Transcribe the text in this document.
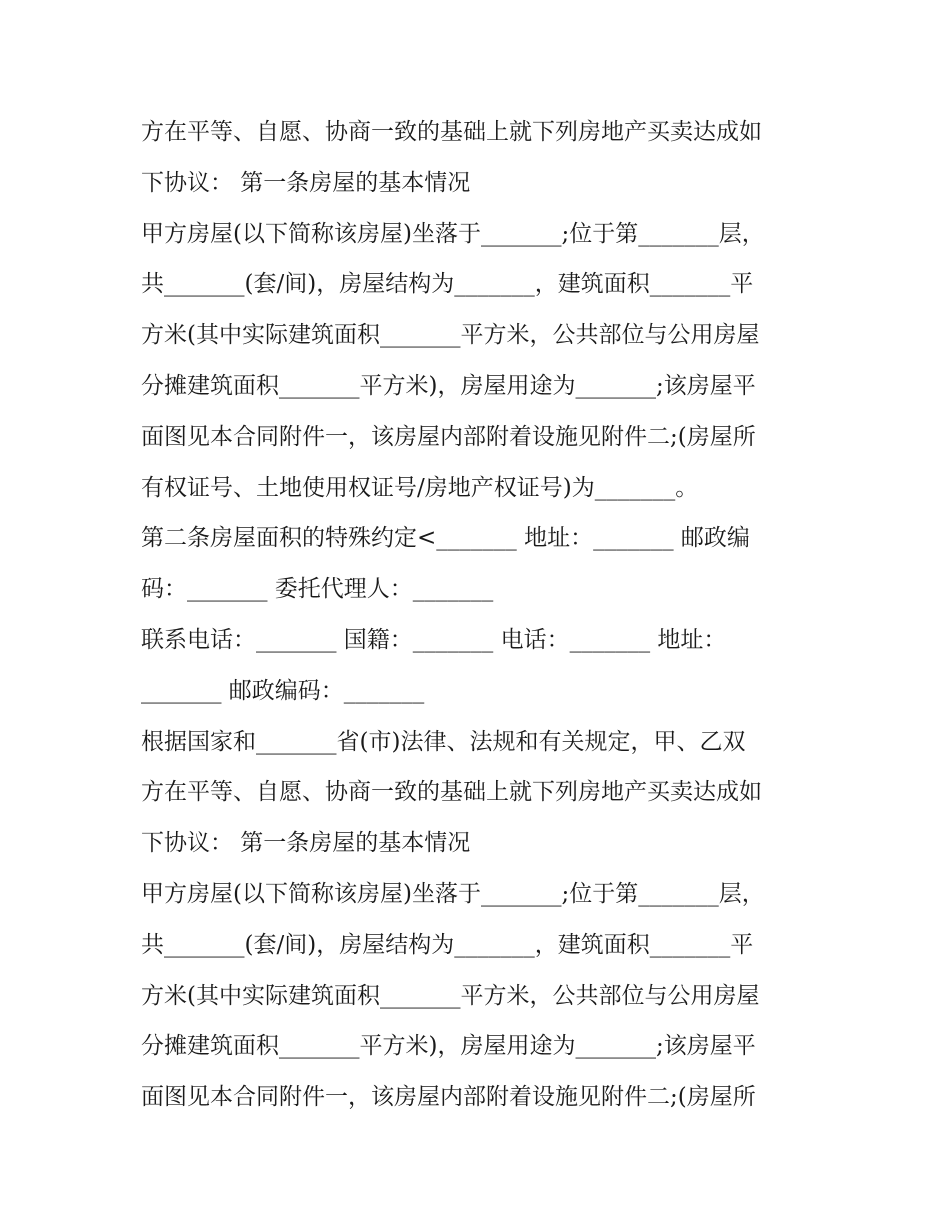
方在平等、自愿、协商一致的基础上就下列房地产买卖达成如
下协议： 第一条房屋的基本情况
甲方房屋(以下简称该房屋)坐落于_______;位于第_______层，
共_______(套/间)，房屋结构为_______，建筑面积_______平
方米(其中实际建筑面积_______平方米，公共部位与公用房屋
分摊建筑面积_______平方米)，房屋用途为_______;该房屋平
面图见本合同附件一，该房屋内部附着设施见附件二;(房屋所
有权证号、土地使用权证号/房地产权证号)为_______。
第二条房屋面积的特殊约定<_______ 地址：_______ 邮政编
码：_______ 委托代理人：_______
联系电话：_______ 国籍：_______ 电话：_______ 地址：
_______ 邮政编码：_______
根据国家和_______省(市)法律、法规和有关规定，甲、乙双
方在平等、自愿、协商一致的基础上就下列房地产买卖达成如
下协议： 第一条房屋的基本情况
甲方房屋(以下简称该房屋)坐落于_______;位于第_______层，
共_______(套/间)，房屋结构为_______，建筑面积_______平
方米(其中实际建筑面积_______平方米，公共部位与公用房屋
分摊建筑面积_______平方米)，房屋用途为_______;该房屋平
面图见本合同附件一，该房屋内部附着设施见附件二;(房屋所
